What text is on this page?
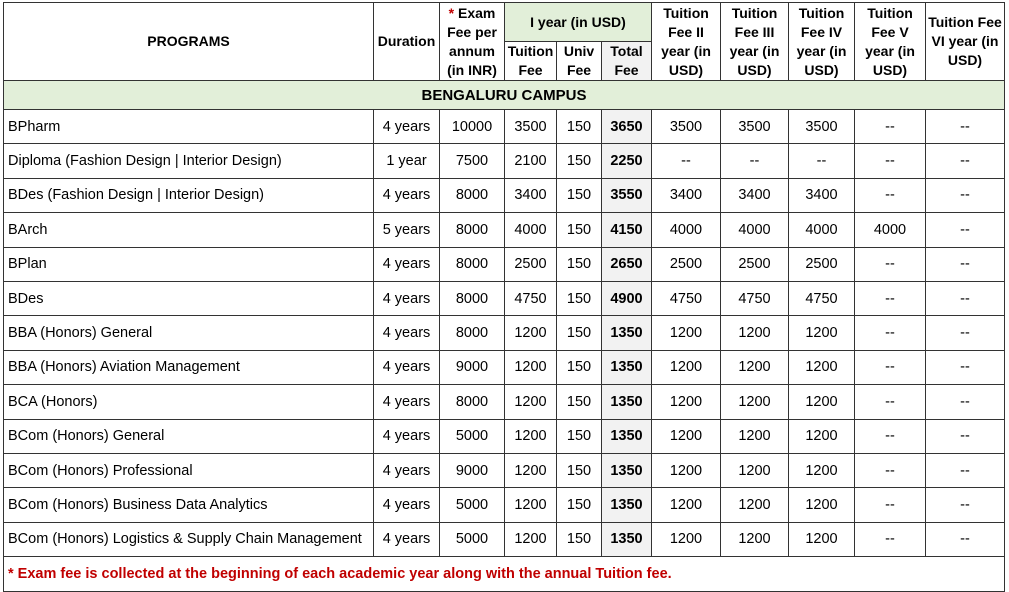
PROGRAMS	Duration	* Exam Fee per annum (in INR)	I year (in USD)			Tuition Fee II year (in USD)	Tuition Fee III year (in USD)	Tuition Fee IV year (in USD)	Tuition Fee V year (in USD)	Tuition Fee VI year (in USD)
			Tuition Fee	Univ Fee	Total Fee					
BENGALURU CAMPUS										
BPharm	4 years	10000	3500	150	3650	3500	3500	3500	--	--
Diploma (Fashion Design | Interior Design)	1 year	7500	2100	150	2250	--	--	--	--	--
BDes (Fashion Design | Interior Design)	4 years	8000	3400	150	3550	3400	3400	3400	--	--
BArch	5 years	8000	4000	150	4150	4000	4000	4000	4000	--
BPlan	4 years	8000	2500	150	2650	2500	2500	2500	--	--
BDes	4 years	8000	4750	150	4900	4750	4750	4750	--	--
BBA (Honors) General	4 years	8000	1200	150	1350	1200	1200	1200	--	--
BBA (Honors) Aviation Management	4 years	9000	1200	150	1350	1200	1200	1200	--	--
BCA (Honors)	4 years	8000	1200	150	1350	1200	1200	1200	--	--
BCom (Honors) General	4 years	5000	1200	150	1350	1200	1200	1200	--	--
BCom (Honors) Professional	4 years	9000	1200	150	1350	1200	1200	1200	--	--
BCom (Honors) Business Data Analytics	4 years	5000	1200	150	1350	1200	1200	1200	--	--
BCom (Honors) Logistics & Supply Chain Management	4 years	5000	1200	150	1350	1200	1200	1200	--	--
* Exam fee is collected at the beginning of each academic year along with the annual Tuition fee.										
